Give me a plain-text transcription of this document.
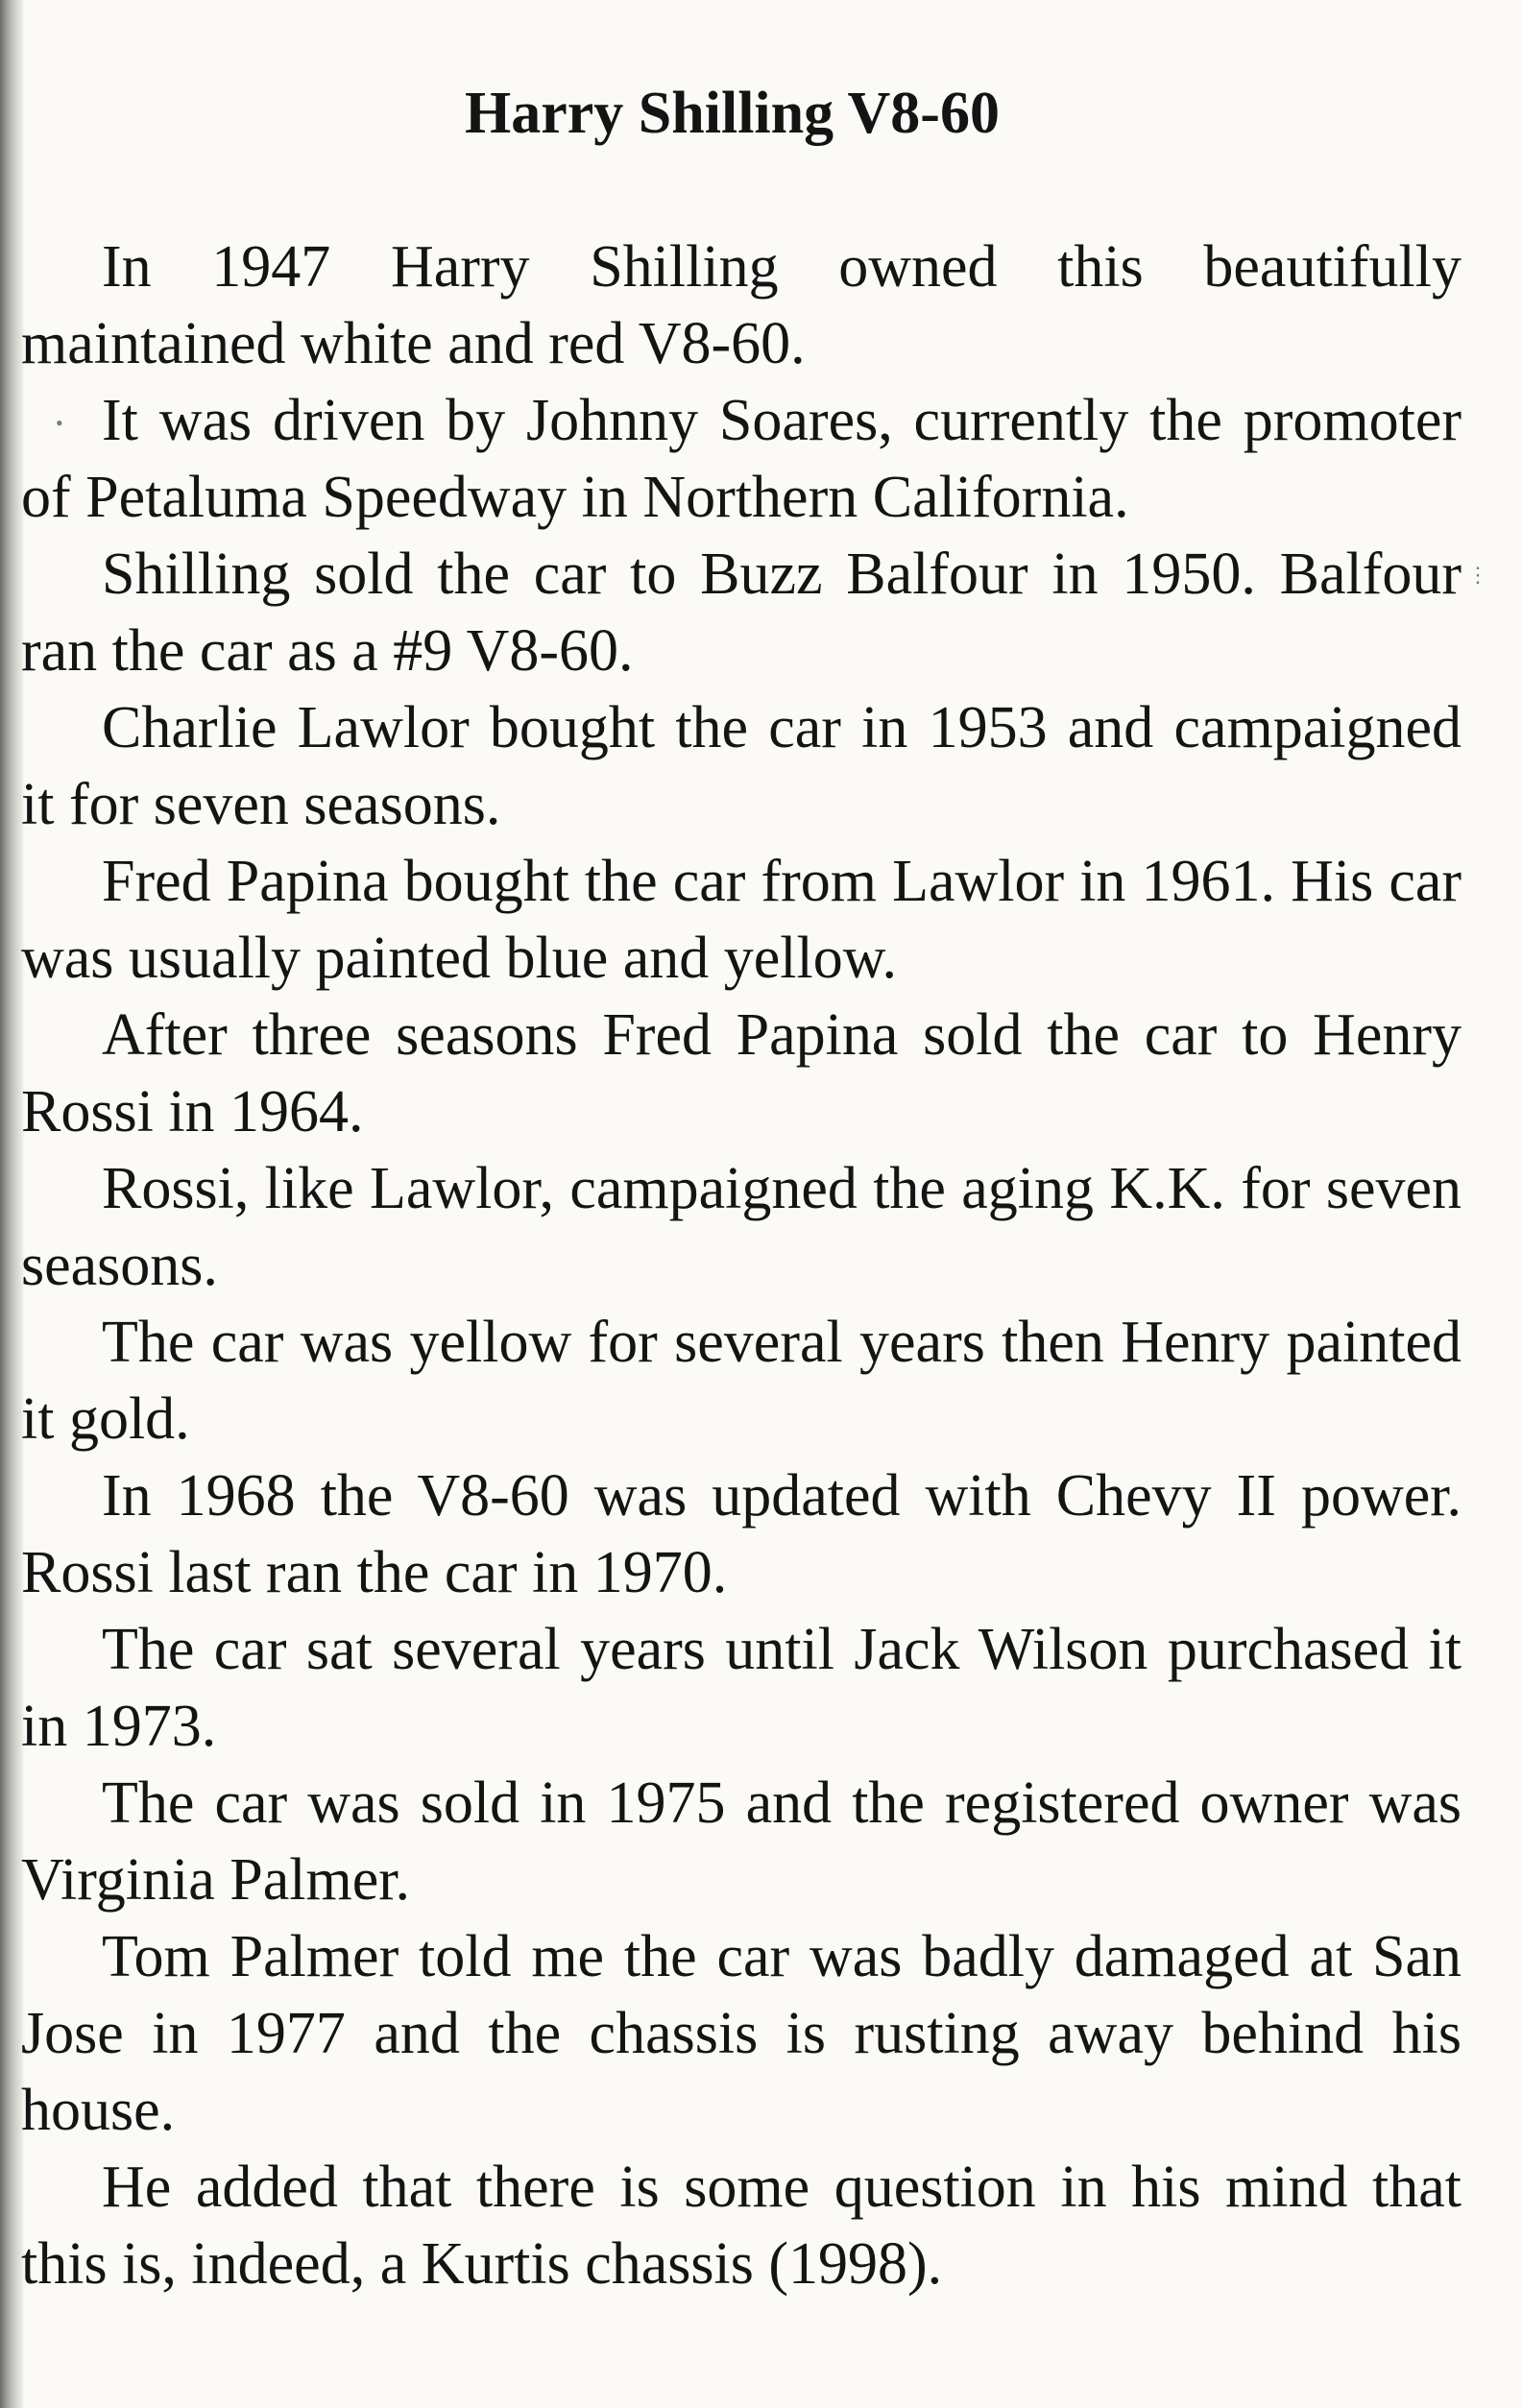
Harry Shilling V8-60

In 1947 Harry Shilling owned this beautifully maintained white and red V8-60.

It was driven by Johnny Soares, currently the promoter of Petaluma Speedway in Northern California.

Shilling sold the car to Buzz Balfour in 1950. Balfour ran the car as a #9 V8-60.

Charlie Lawlor bought the car in 1953 and campaigned it for seven seasons.

Fred Papina bought the car from Lawlor in 1961. His car was usually painted blue and yellow.

After three seasons Fred Papina sold the car to Henry Rossi in 1964.

Rossi, like Lawlor, campaigned the aging K.K. for seven seasons.

The car was yellow for several years then Henry painted it gold.

In 1968 the V8-60 was updated with Chevy II power. Rossi last ran the car in 1970.

The car sat several years until Jack Wilson purchased it in 1973.

The car was sold in 1975 and the registered owner was Virginia Palmer.

Tom Palmer told me the car was badly damaged at San Jose in 1977 and the chassis is rusting away behind his house.

He added that there is some question in his mind that this is, indeed, a Kurtis chassis (1998).

•
⋮
